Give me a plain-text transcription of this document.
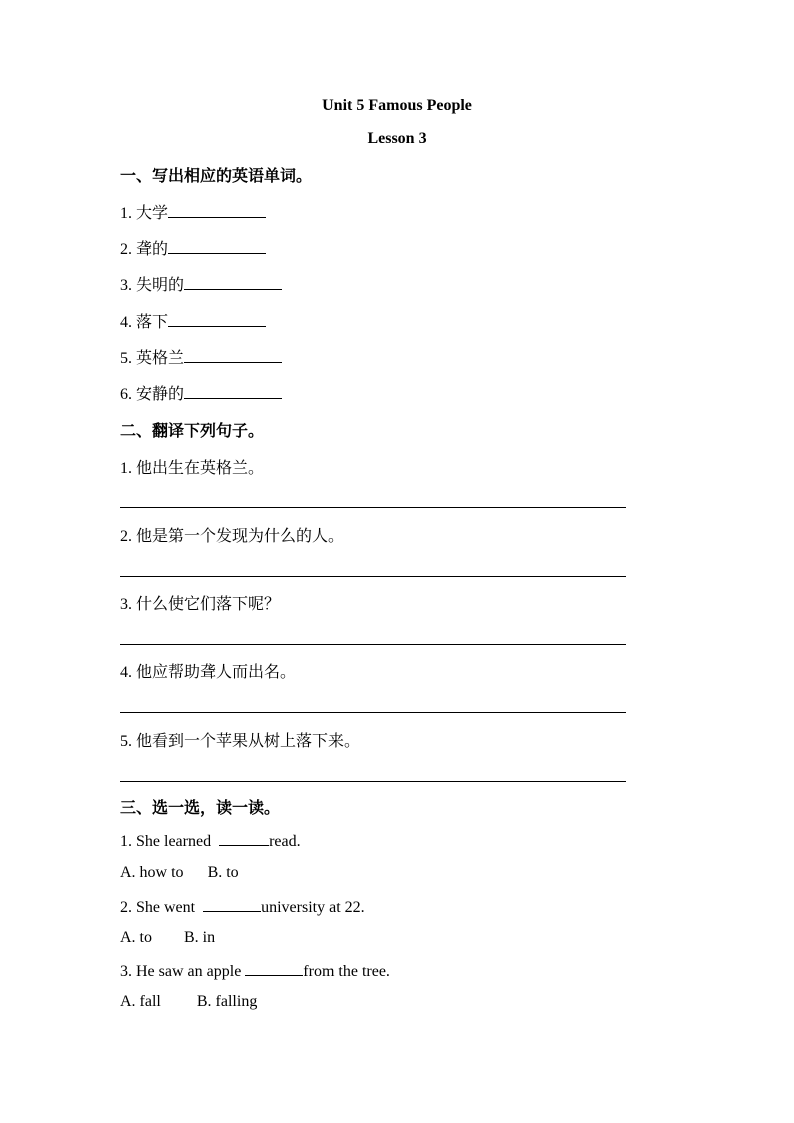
Unit 5 Famous People
Lesson 3
一、写出相应的英语单词。
1. 大学
2. 聋的
3. 失明的
4. 落下
5. 英格兰
6. 安静的
二、翻译下列句子。
1. 他出生在英格兰。
2. 他是第一个发现为什么的人。
3. 什么使它们落下呢？
4. 他应帮助聋人而出名。
5. 他看到一个苹果从树上落下来。
三、选一选，读一读。
1. She learned	read.
A. how to B. to
2. She went	university at 22.
A. to B. in
3. He saw an apple	from the tree.
A. fall B. falling
